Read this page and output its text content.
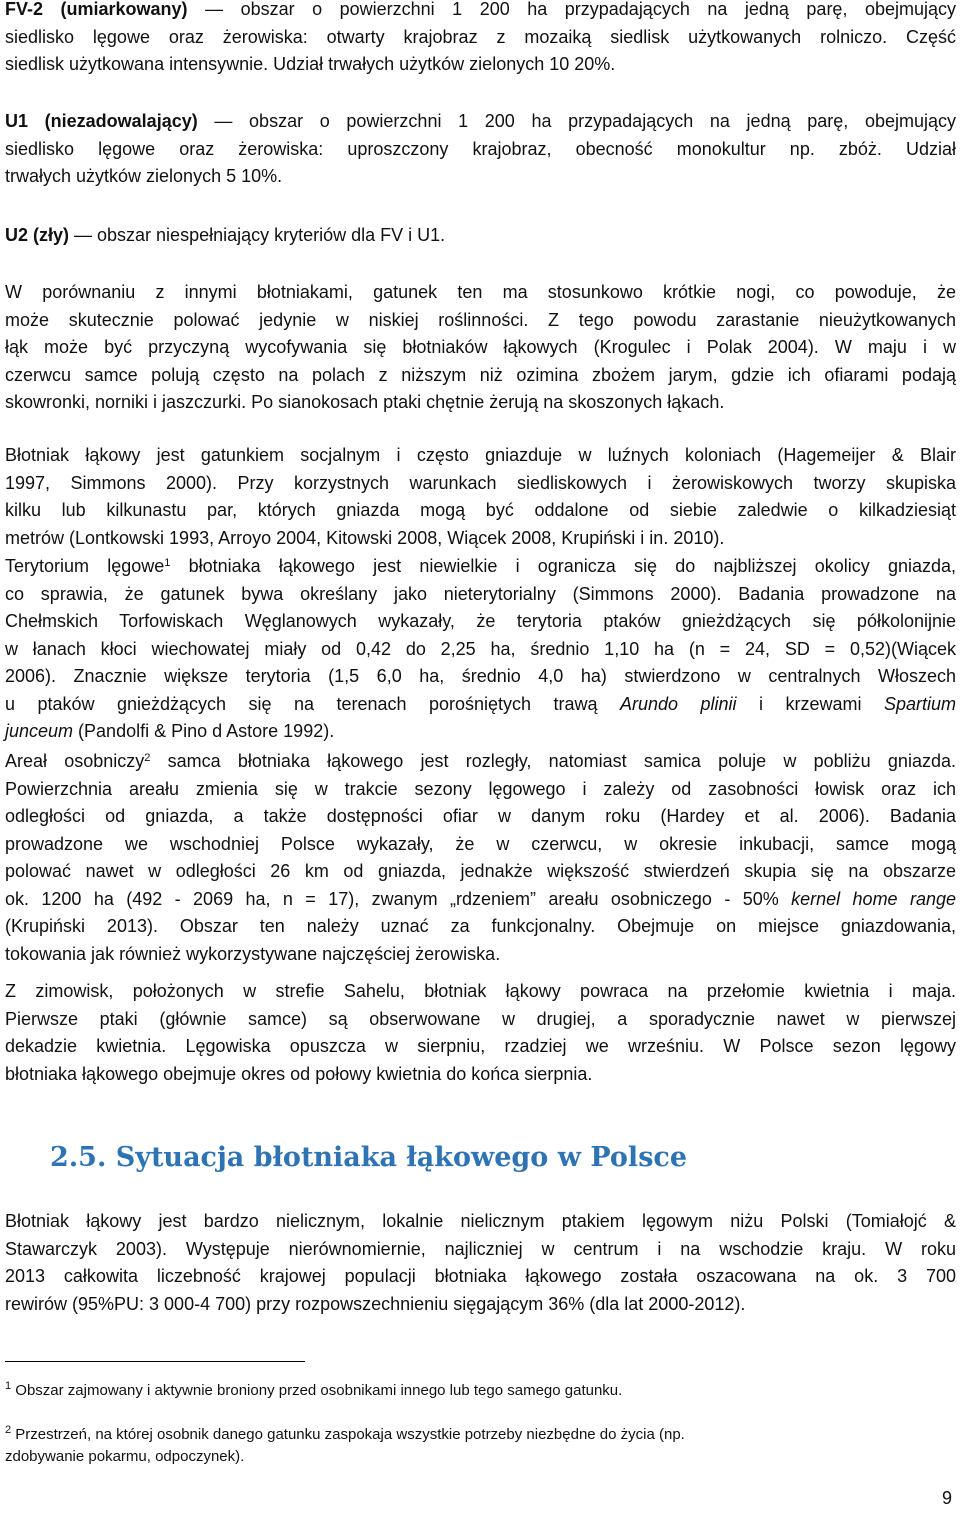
FV-2 (umiarkowany) — obszar o powierzchni 1 200 ha przypadających na jedną parę, obejmujący
siedlisko lęgowe oraz żerowiska: otwarty krajobraz z mozaiką siedlisk użytkowanych rolniczo. Część
siedlisk użytkowana intensywnie. Udział trwałych użytków zielonych 10 20%.
U1 (niezadowalający) — obszar o powierzchni 1 200 ha przypadających na jedną parę, obejmujący
siedlisko lęgowe oraz żerowiska: uproszczony krajobraz, obecność monokultur np. zbóż. Udział
trwałych użytków zielonych 5 10%.
U2 (zły) — obszar niespełniający kryteriów dla FV i U1.
W porównaniu z innymi błotniakami, gatunek ten ma stosunkowo krótkie nogi, co powoduje, że
może skutecznie polować jedynie w niskiej roślinności. Z tego powodu zarastanie nieużytkowanych
łąk może być przyczyną wycofywania się błotniaków łąkowych (Krogulec i Polak 2004). W maju i w
czerwcu samce polują często na polach z niższym niż ozimina zbożem jarym, gdzie ich ofiarami podają
skowronki, norniki i jaszczurki. Po sianokosach ptaki chętnie żerują na skoszonych łąkach.
Błotniak łąkowy jest gatunkiem socjalnym i często gniazduje w luźnych koloniach (Hagemeijer & Blair
1997, Simmons 2000). Przy korzystnych warunkach siedliskowych i żerowiskowych tworzy skupiska
kilku lub kilkunastu par, których gniazda mogą być oddalone od siebie zaledwie o kilkadziesiąt
metrów (Lontkowski 1993, Arroyo 2004, Kitowski 2008, Wiącek 2008, Krupiński i in. 2010).
Terytorium lęgowe$^1$ błotniaka łąkowego jest niewielkie i ogranicza się do najbliższej okolicy gniazda,
co sprawia, że gatunek bywa określany jako nieterytorialny (Simmons 2000). Badania prowadzone na
Chełmskich Torfowiskach Węglanowych wykazały, że terytoria ptaków gnieżdżących się półkolonijnie
w łanach kłoci wiechowatej miały od 0,42 do 2,25 ha, średnio 1,10 ha (n = 24, SD = 0,52)(Wiącek
2006). Znacznie większe terytoria (1,5 6,0 ha, średnio 4,0 ha) stwierdzono w centralnych Włoszech
u ptaków gnieżdżących się na terenach porośniętych trawą Arundo plinii i krzewami Spartium
junceum (Pandolfi & Pino d Astore 1992).
Areał osobniczy$^2$ samca błotniaka łąkowego jest rozległy, natomiast samica poluje w pobliżu gniazda.
Powierzchnia areału zmienia się w trakcie sezony lęgowego i zależy od zasobności łowisk oraz ich
odległości od gniazda, a także dostępności ofiar w danym roku (Hardey et al. 2006). Badania
prowadzone we wschodniej Polsce wykazały, że w czerwcu, w okresie inkubacji, samce mogą
polować nawet w odległości 26 km od gniazda, jednakże większość stwierdzeń skupia się na obszarze
ok. 1200 ha (492 - 2069 ha, n = 17), zwanym „rdzeniem” areału osobniczego - 50% kernel home range
(Krupiński 2013). Obszar ten należy uznać za funkcjonalny. Obejmuje on miejsce gniazdowania,
tokowania jak również wykorzystywane najczęściej żerowiska.
Z zimowisk, położonych w strefie Sahelu, błotniak łąkowy powraca na przełomie kwietnia i maja.
Pierwsze ptaki (głównie samce) są obserwowane w drugiej, a sporadycznie nawet w pierwszej
dekadzie kwietnia. Lęgowiska opuszcza w sierpniu, rzadziej we wrześniu. W Polsce sezon lęgowy
błotniaka łąkowego obejmuje okres od połowy kwietnia do końca sierpnia.
2.5. Sytuacja błotniaka łąkowego w Polsce
Błotniak łąkowy jest bardzo nielicznym, lokalnie nielicznym ptakiem lęgowym niżu Polski (Tomiałojć &
Stawarczyk 2003). Występuje nierównomiernie, najliczniej w centrum i na wschodzie kraju. W roku
2013 całkowita liczebność krajowej populacji błotniaka łąkowego została oszacowana na ok. 3 700
rewirów (95%PU: 3 000-4 700) przy rozpowszechnieniu sięgającym 36% (dla lat 2000-2012).
$^1$ Obszar zajmowany i aktywnie broniony przed osobnikami innego lub tego samego gatunku.
$^2$ Przestrzeń, na której osobnik danego gatunku zaspokaja wszystkie potrzeby niezbędne do życia (np.
zdobywanie pokarmu, odpoczynek).
9
